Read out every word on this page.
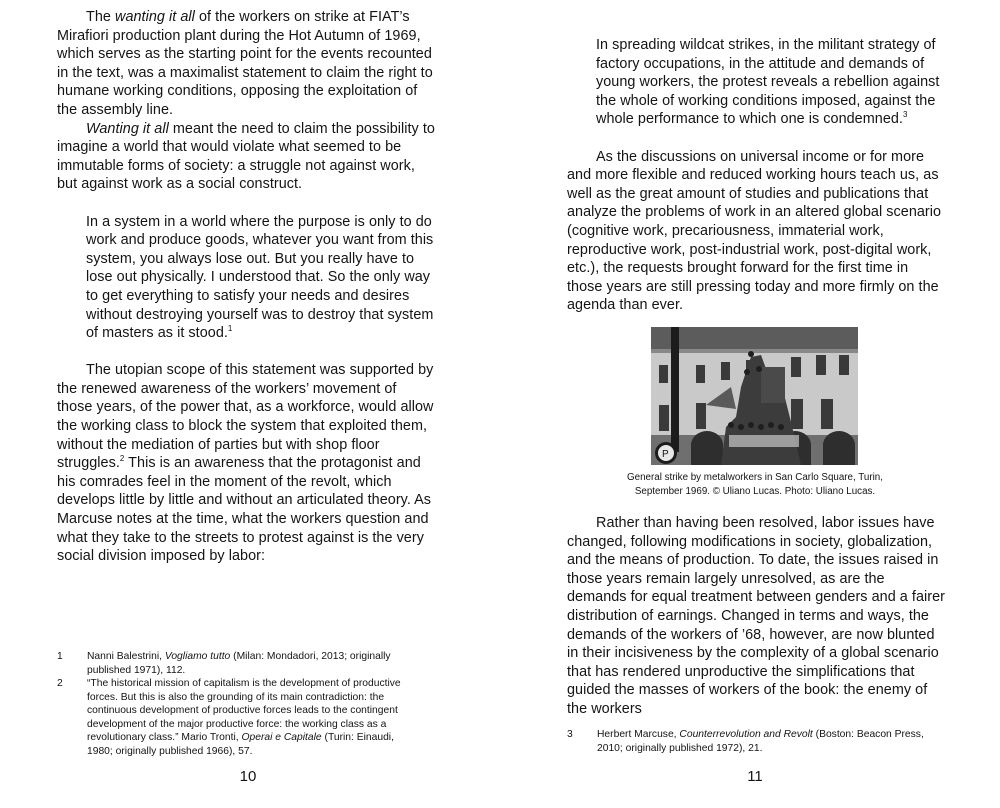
The wanting it all of the workers on strike at FIAT’s Mirafiori production plant during the Hot Autumn of 1969, which serves as the starting point for the events recounted in the text, was a maximalist statement to claim the right to humane working conditions, opposing the exploitation of the assembly line.

Wanting it all meant the need to claim the possibility to imagine a world that would violate what seemed to be immutable forms of society: a struggle not against work, but against work as a social construct.

In a system in a world where the purpose is only to do work and produce goods, whatever you want from this system, you always lose out. But you really have to lose out physically. I understood that. So the only way to get everything to satisfy your needs and desires without destroying yourself was to destroy that system of masters as it stood.$^1$

The utopian scope of this statement was supported by the renewed awareness of the workers’ movement of those years, of the power that, as a workforce, would allow the working class to block the system that exploited them, without the mediation of parties but with shop floor struggles.$^2$ This is an awareness that the protagonist and his comrades feel in the moment of the revolt, which develops little by little and without an articulated theory. As Marcuse notes at the time, what the workers question and what they take to the streets to protest against is the very social division imposed by labor:

1	Nanni Balestrini, Vogliamo tutto (Milan: Mondadori, 2013; originally published 1971), 112.
2	“The historical mission of capitalism is the development of productive forces. But this is also the grounding of its main contradiction: the continuous development of productive forces leads to the contingent development of the major productive force: the working class as a revolutionary class.” Mario Tronti, Operai e Capitale (Turin: Einaudi, 1980; originally published 1966), 57.
10

In spreading wildcat strikes, in the militant strategy of factory occupations, in the attitude and demands of young workers, the protest reveals a rebellion against the whole of working conditions imposed, against the whole performance to which one is condemned.$^3$

As the discussions on universal income or for more and more flexible and reduced working hours teach us, as well as the great amount of studies and publications that analyze the problems of work in an altered global scenario (cognitive work, precariousness, immaterial work, reproductive work, post-industrial work, post-digital work, etc.), the requests brought forward for the first time in those years are still pressing today and more firmly on the agenda than ever.

P
General strike by metalworkers in San Carlo Square, Turin,
September 1969. © Uliano Lucas. Photo: Uliano Lucas.

Rather than having been resolved, labor issues have changed, following modifications in society, globalization, and the means of production. To date, the issues raised in those years remain largely unresolved, as are the demands for equal treatment between genders and a fairer distribution of earnings. Changed in terms and ways, the demands of the workers of ’68, however, are now blunted in their incisiveness by the complexity of a global scenario that has rendered unproductive the simplifications that guided the masses of workers of the book: the enemy of the workers

3	Herbert Marcuse, Counterrevolution and Revolt (Boston: Beacon Press, 2010; originally published 1972), 21.
11
